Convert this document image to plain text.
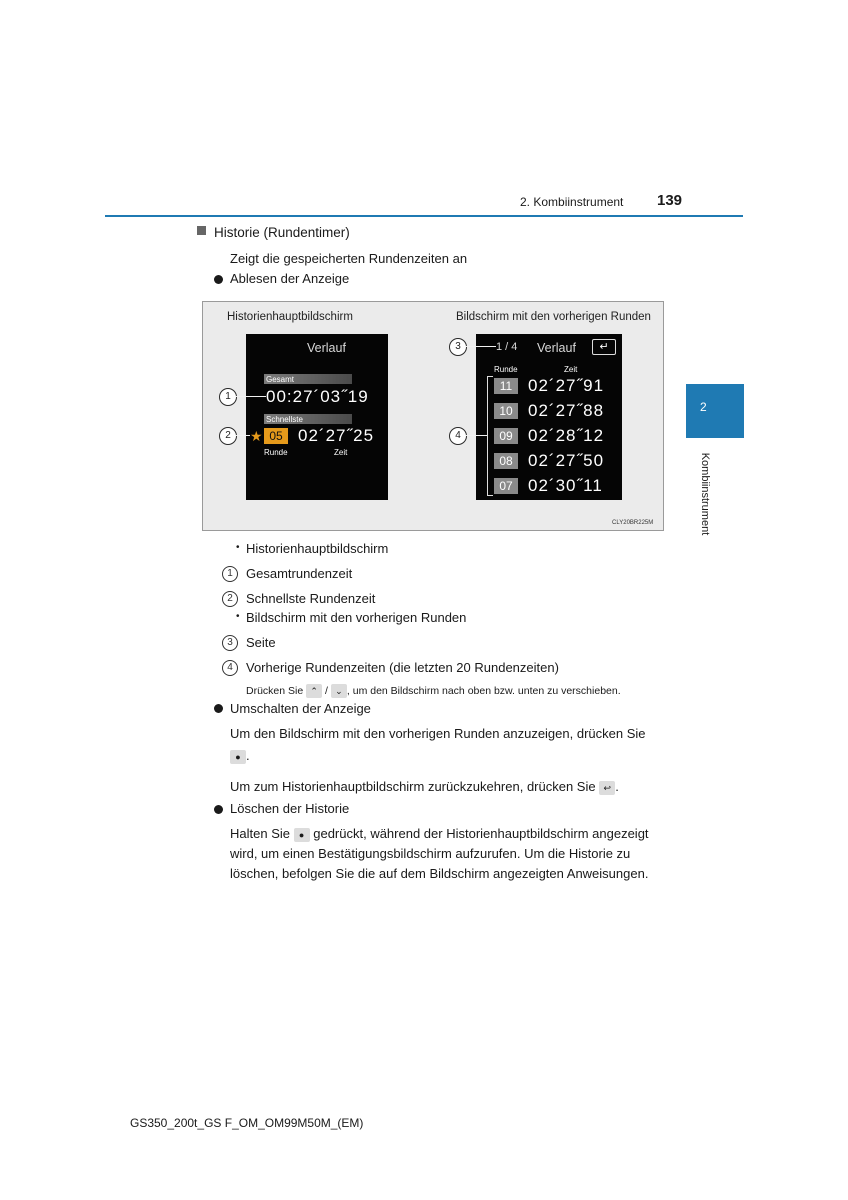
2. Kombiinstrument 139
2
Kombiinstrument
Historie (Rundentimer)
Zeigt die gespeicherten Rundenzeiten an
Ablesen der Anzeige
Historienhauptbildschirm	Bildschirm mit den vorherigen Runden
Verlauf
Gesamt
00:27´03˝19
Schnellste
★ 05 02´27˝25
Runde	Zeit
1 / 4 Verlauf	↵
Runde	Zeit
11 02´27˝91
10 02´27˝88
09 02´28˝12
08 02´27˝50
07 02´30˝11
1
2
3
4
CLY20BR225M
• Historienhauptbildschirm
1	Gesamtrundenzeit
2	Schnellste Rundenzeit
• Bildschirm mit den vorherigen Runden
3	Seite
4	Vorherige Rundenzeiten (die letzten 20 Rundenzeiten)
Drücken Sie ⌃ / ⌄ , um den Bildschirm nach oben bzw. unten zu verschieben.
Umschalten der Anzeige
Um den Bildschirm mit den vorherigen Runden anzuzeigen, drücken Sie
● .
Um zum Historienhauptbildschirm zurückzukehren, drücken Sie ↩ .
Löschen der Historie
Halten Sie ● gedrückt, während der Historienhauptbildschirm angezeigt
wird, um einen Bestätigungsbildschirm aufzurufen. Um die Historie zu
löschen, befolgen Sie die auf dem Bildschirm angezeigten Anweisungen.
GS350_200t_GS F_OM_OM99M50M_(EM)
